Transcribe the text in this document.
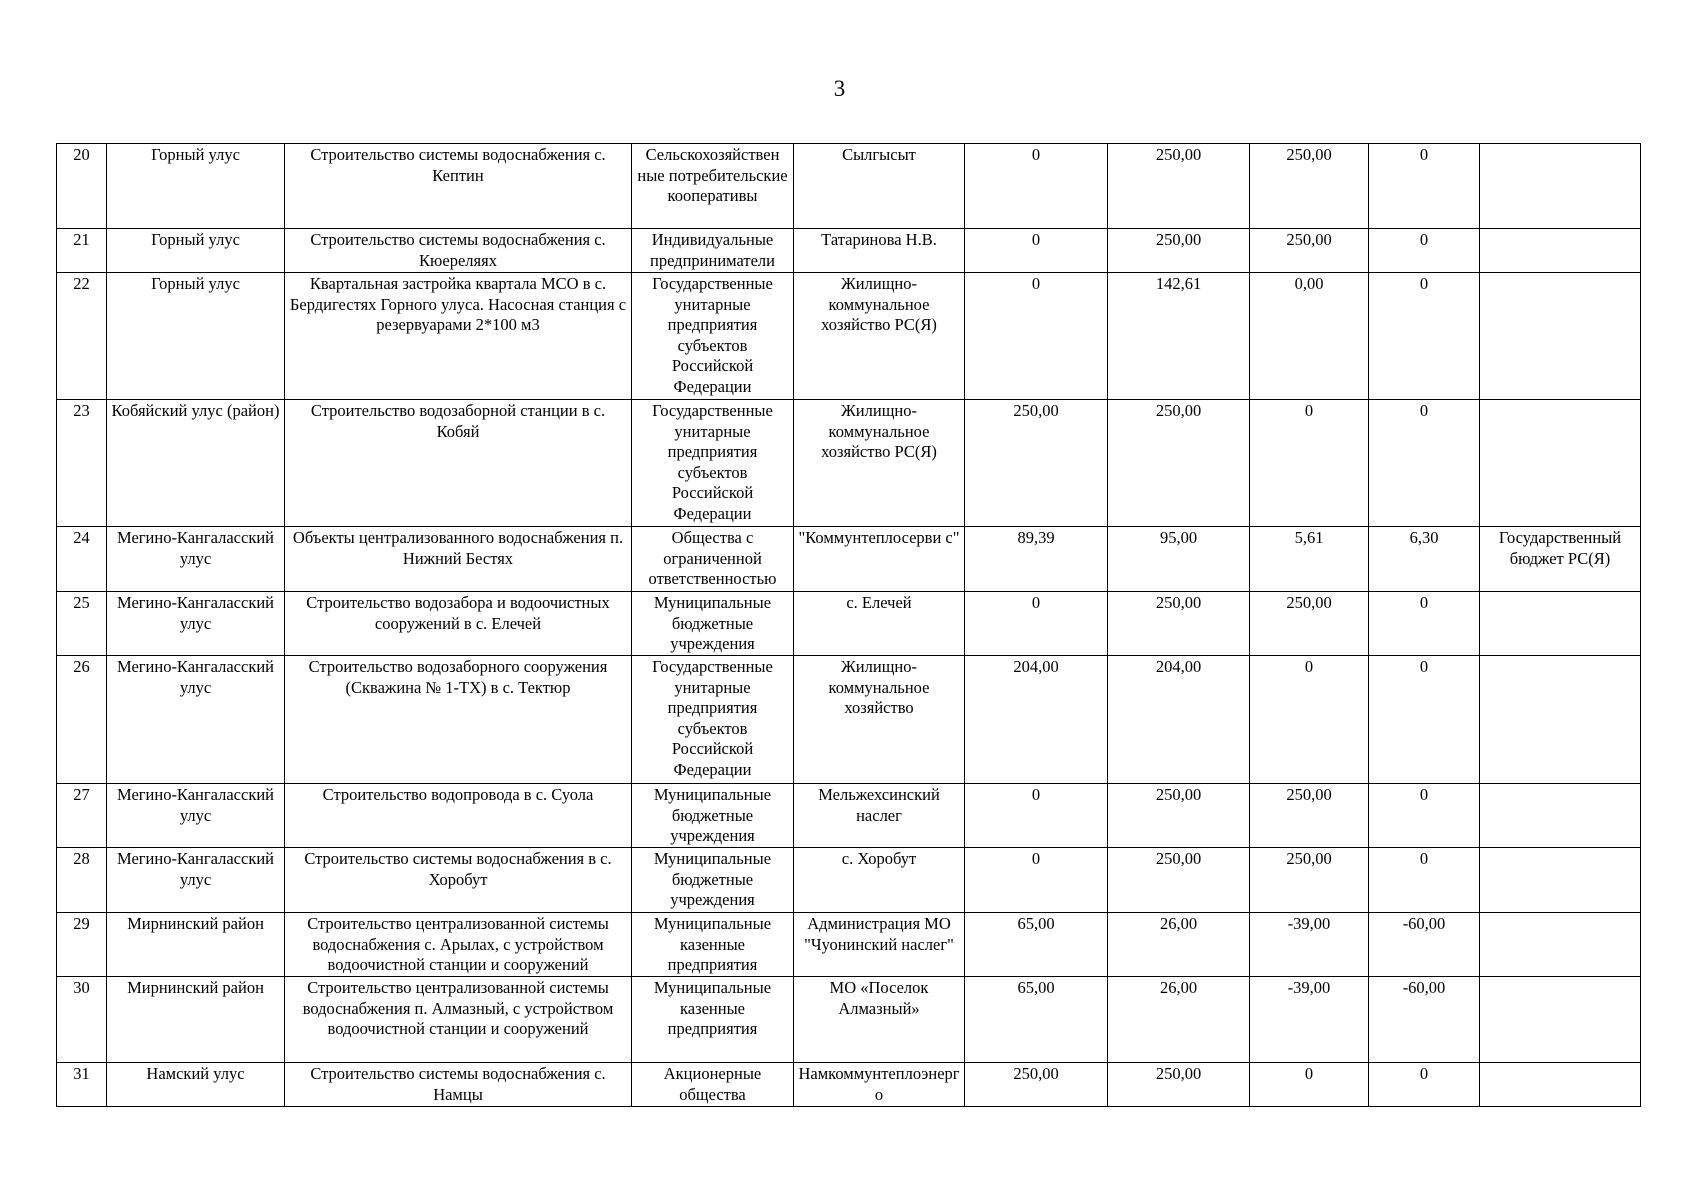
3
20	Горный улус	Строительство системы водоснабжения с. Кептин	Сельскохозяйствен ные потребительские кооперативы	Сылгысыт	0	250,00	250,00	0	
21	Горный улус	Строительство системы водоснабжения с. Кюереляях	Индивидуальные предприниматели	Татаринова Н.В.	0	250,00	250,00	0	
22	Горный улус	Квартальная застройка квартала МСО в с. Бердигестях Горного улуса. Насосная станция с резервуарами 2*100 м3	Государственные унитарные предприятия субъектов Российской Федерации	Жилищно-коммунальное хозяйство РС(Я)	0	142,61	0,00	0	
23	Кобяйский улус (район)	Строительство водозаборной станции в с. Кобяй	Государственные унитарные предприятия субъектов Российской Федерации	Жилищно-коммунальное хозяйство РС(Я)	250,00	250,00	0	0	
24	Мегино-Кангаласский улус	Объекты централизованного водоснабжения п. Нижний Бестях	Общества с ограниченной ответственностью	"Коммунтеплосерви с"	89,39	95,00	5,61	6,30	Государственный бюджет РС(Я)
25	Мегино-Кангаласский улус	Строительство водозабора и водоочистных сооружений в с. Елечей	Муниципальные бюджетные учреждения	с. Елечей	0	250,00	250,00	0	
26	Мегино-Кангаласский улус	Строительство водозаборного сооружения (Скважина № 1-ТХ) в с. Тектюр	Государственные унитарные предприятия субъектов Российской Федерации	Жилищно-коммунальное хозяйство	204,00	204,00	0	0	
27	Мегино-Кангаласский улус	Строительство водопровода в с. Суола	Муниципальные бюджетные учреждения	Мельжехсинский наслег	0	250,00	250,00	0	
28	Мегино-Кангаласский улус	Строительство системы водоснабжения в с. Хоробут	Муниципальные бюджетные учреждения	с. Хоробут	0	250,00	250,00	0	
29	Мирнинский район	Строительство централизованной системы водоснабжения с. Арылах, с устройством водоочистной станции и сооружений	Муниципальные казенные предприятия	Администрация МО "Чуонинский наслег"	65,00	26,00	-39,00	-60,00	
30	Мирнинский район	Строительство централизованной системы водоснабжения п. Алмазный, с устройством водоочистной станции и сооружений	Муниципальные казенные предприятия	МО «Поселок Алмазный»	65,00	26,00	-39,00	-60,00	
31	Намский улус	Строительство системы водоснабжения с. Намцы	Акционерные общества	Намкоммунтеплоэнерго	250,00	250,00	0	0	
